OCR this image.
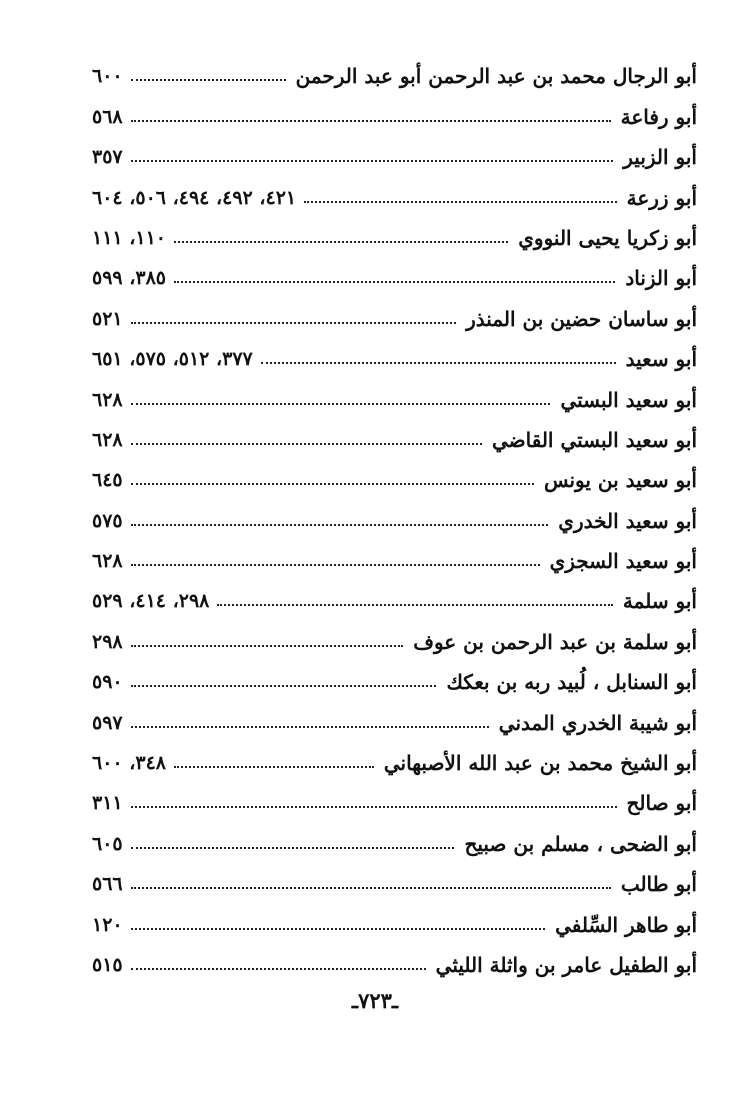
أبو الرجال محمد بن عبد الرحمن أبو عبد الرحمن
٦٠٠
أبو رفاعة
٥٦٨
أبو الزبير
٣٥٧
أبو زرعة
٤٢١، ٤٩٢، ٤٩٤، ٥٠٦، ٦٠٤
أبو زكريا يحيى النووي
١١٠، ١١١
أبو الزناد
٣٨٥، ٥٩٩
أبو ساسان حضين بن المنذر
٥٢١
أبو سعيد
٣٧٧، ٥١٢، ٥٧٥، ٦٥١
أبو سعيد البستي
٦٢٨
أبو سعيد البستي القاضي
٦٢٨
أبو سعيد بن يونس
٦٤٥
أبو سعيد الخدري
٥٧٥
أبو سعيد السجزي
٦٢٨
أبو سلمة
٢٩٨، ٤١٤، ٥٢٩
أبو سلمة بن عبد الرحمن بن عوف
٢٩٨
أبو السنابل ، لُبيد ربه بن بعكك
٥٩٠
أبو شيبة الخدري المدني
٥٩٧
أبو الشيخ محمد بن عبد الله الأصبهاني
٣٤٨، ٦٠٠
أبو صالح
٣١١
أبو الضحى ، مسلم بن صبيح
٦٠٥
أبو طالب
٥٦٦
أبو طاهر السِّلفي
١٢٠
أبو الطفيل عامر بن واثلة الليثي
٥١٥
ـ٧٢٣ـ
